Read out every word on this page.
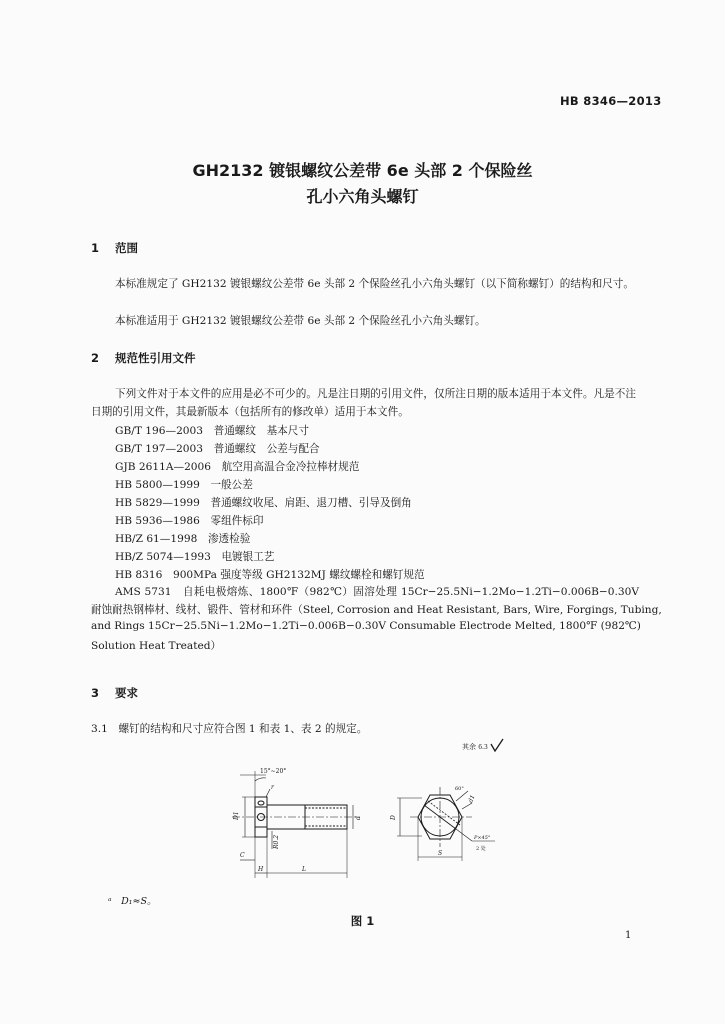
HB 8346—2013
GH2132 镀银螺纹公差带 6e 头部 2 个保险丝
孔小六角头螺钉
1 范围
本标准规定了 GH2132 镀银螺纹公差带 6e 头部 2 个保险丝孔小六角头螺钉（以下简称螺钉）的结构和尺寸。
本标准适用于 GH2132 镀银螺纹公差带 6e 头部 2 个保险丝孔小六角头螺钉。
2 规范性引用文件
下列文件对于本文件的应用是必不可少的。凡是注日期的引用文件，仅所注日期的版本适用于本文件。凡是不注日期的引用文件，其最新版本（包括所有的修改单）适用于本文件。
GB/T 196—2003　 普通螺纹　基本尺寸
GB/T 197—2003　 普通螺纹　公差与配合
GJB 2611A—2006　 航空用高温合金冷拉棒材规范
HB 5800—1999　 一般公差
HB 5829—1999　 普通螺纹收尾、肩距、退刀槽、引导及倒角
HB 5936—1986　 零组件标印
HB/Z 61—1998　 渗透检验
HB/Z 5074—1993　 电镀银工艺
HB 8316　 900MPa 强度等级 GH2132MJ 螺纹螺栓和螺钉规范
AMS 5731　自耗电极熔炼、1800℉（982℃）固溶处理 15Cr−25.5Ni−1.2Mo−1.2Ti−0.006B−0.30V
耐蚀耐热钢棒材、线材、锻件、管材和环件（Steel, Corrosion and Heat Resistant, Bars, Wire, Forgings, Tubing,
and Rings 15Cr−25.5Ni−1.2Mo−1.2Ti−0.006B−0.30V Consumable Electrode Melted, 1800℉ (982℃)
Solution Heat Treated）
3 要求
3.1　螺钉的结构和尺寸应符合图 1 和表 1、表 2 的规定。
其余 6.3
15°~20°
r
D1	d
R0.2
C
H	L
D
60°
d1
P×45°
2 处
S
ᵃ　D₁≈S。
图 1
1
